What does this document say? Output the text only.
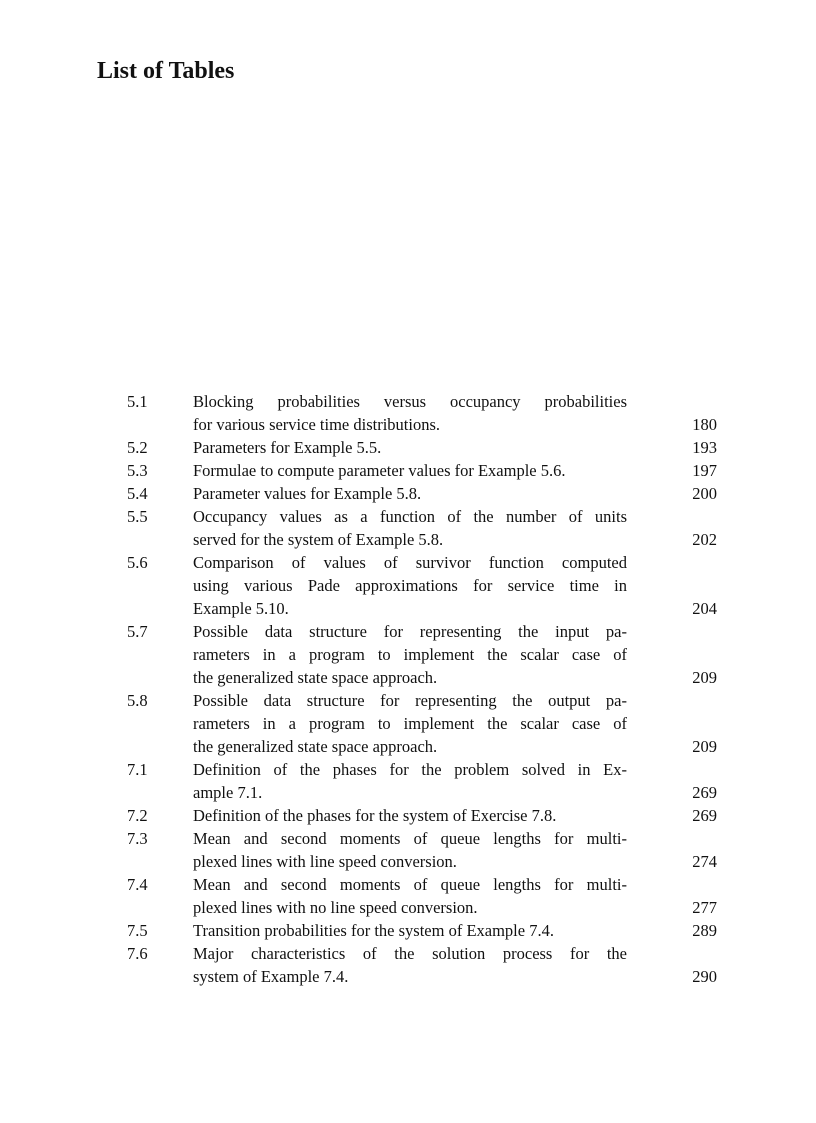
List of Tables
5.1	Blocking probabilities versus occupancy probabilities
for various service time distributions.	180
5.2	Parameters for Example 5.5.	193
5.3	Formulae to compute parameter values for Example 5.6.	197
5.4	Parameter values for Example 5.8.	200
5.5	Occupancy values as a function of the number of units
served for the system of Example 5.8.	202
5.6	Comparison of values of survivor function computed
using various Pade approximations for service time in
Example 5.10.	204
5.7	Possible data structure for representing the input pa-
rameters in a program to implement the scalar case of
the generalized state space approach.	209
5.8	Possible data structure for representing the output pa-
rameters in a program to implement the scalar case of
the generalized state space approach.	209
7.1	Definition of the phases for the problem solved in Ex-
ample 7.1.	269
7.2	Definition of the phases for the system of Exercise 7.8.	269
7.3	Mean and second moments of queue lengths for multi-
plexed lines with line speed conversion.	274
7.4	Mean and second moments of queue lengths for multi-
plexed lines with no line speed conversion.	277
7.5	Transition probabilities for the system of Example 7.4.	289
7.6	Major characteristics of the solution process for the
system of Example 7.4.	290
